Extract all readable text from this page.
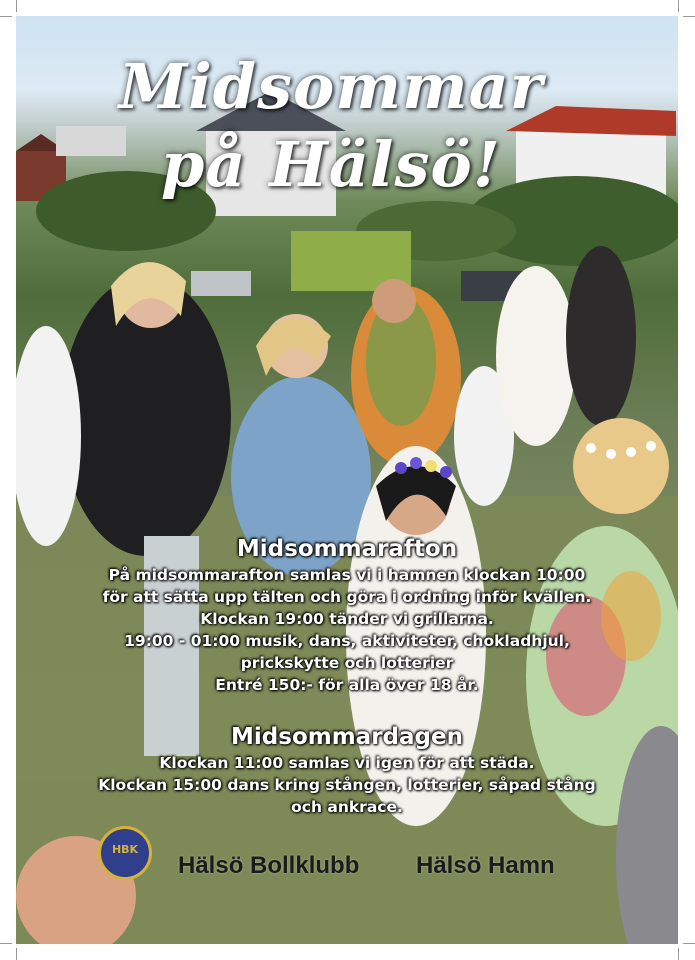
Midsommar
på Hälsö!
Midsommarafton
På midsommarafton samlas vi i hamnen klockan 10:00
för att sätta upp tälten och göra i ordning inför kvällen.
Klockan 19:00 tänder vi grillarna.
19:00 - 01:00 musik, dans, aktiviteter, chokladhjul,
prickskytte och lotterier
Entré 150:- för alla över 18 år.
Midsommardagen
Klockan 11:00 samlas vi igen för att städa.
Klockan 15:00 dans kring stången, lotterier, såpad stång
och ankrace.
HBK
Hälsö Bollklubb Hälsö Hamn
